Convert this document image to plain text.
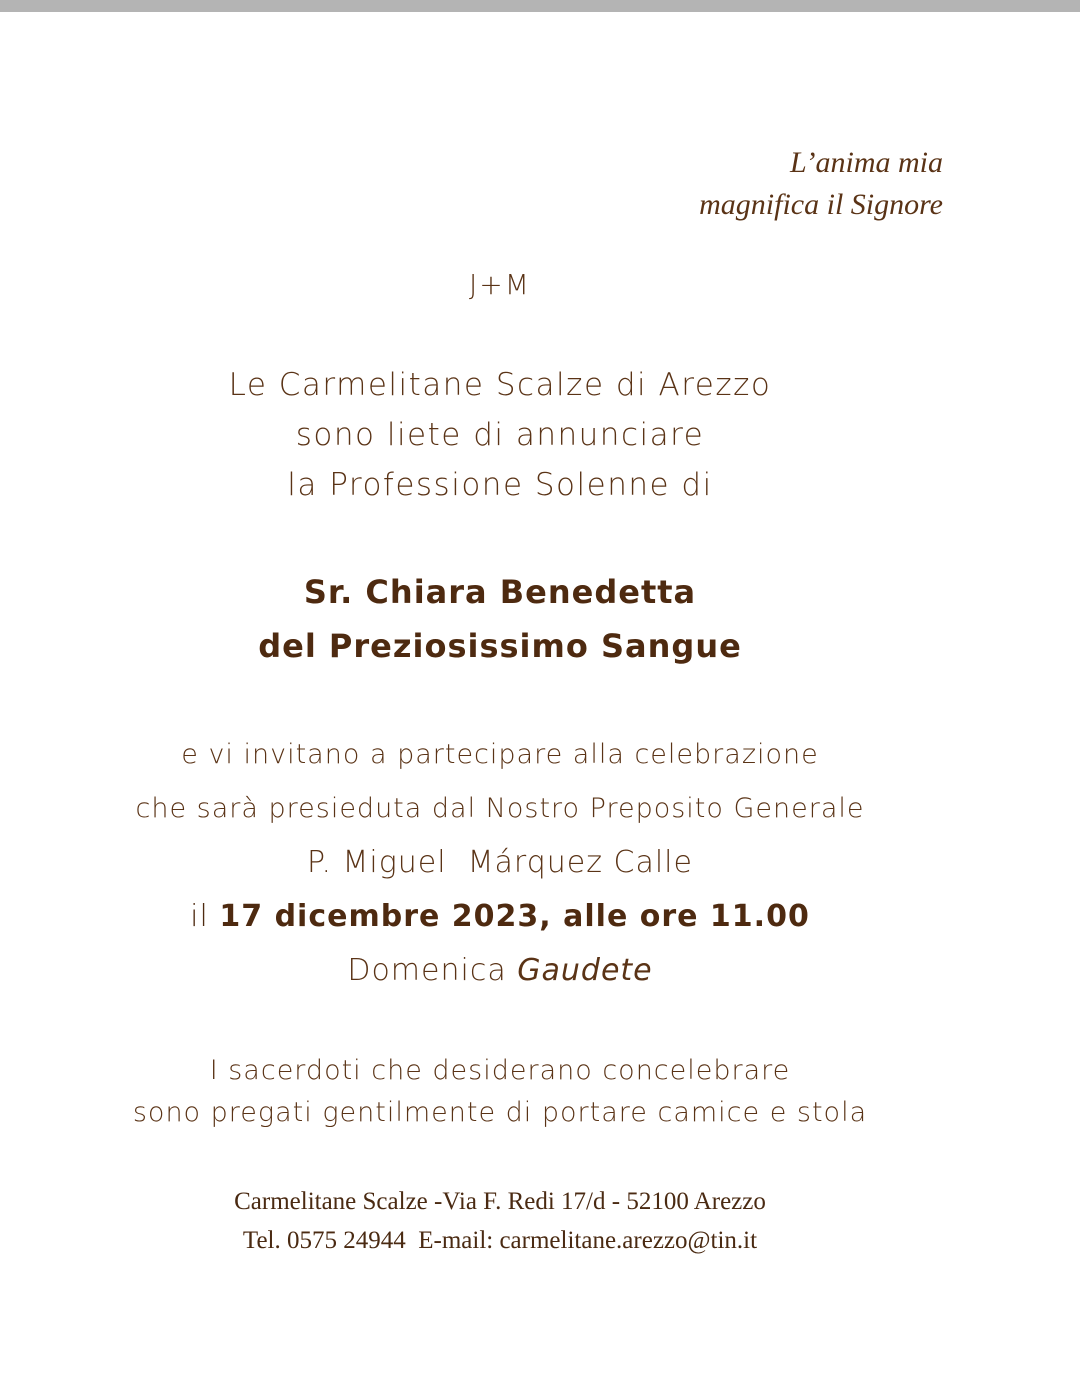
L’anima mia
magnifica il Signore
J+M
Le Carmelitane Scalze di Arezzo
sono liete di annunciare
la Professione Solenne di
Sr. Chiara Benedetta
del Preziosissimo Sangue
e vi invitano a partecipare alla celebrazione
che sarà presieduta dal Nostro Preposito Generale
P. Miguel  Márquez Calle
il 17 dicembre 2023, alle ore 11.00
Domenica Gaudete
I sacerdoti che desiderano concelebrare
sono pregati gentilmente di portare camice e stola
Carmelitane Scalze -Via F. Redi 17/d - 52100 Arezzo
Tel. 0575 24944  E-mail: carmelitane.arezzo@tin.it
